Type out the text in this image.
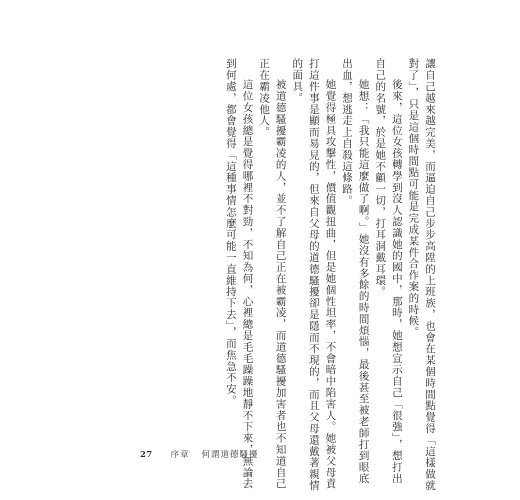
讓自己越來越完美，而逼迫自己步步高陞的上班族，也會在某個時間點覺得「這樣做就

對了」，只是這個時間點可能是完成某件合作案的時候。

後來，這位女孩轉學到沒人認識她的國中，那時，她想宣示自己「很強」，想打出

自己的名號，於是她不顧一切，打耳洞戴耳環。

她想：「我只能這麼做了啊。」她沒有多餘的時間煩惱，最後甚至被老師打到眼底

出血，想逃走上自殺這條路。

她覺得極具攻擊性，價值觀扭曲，但是她個性坦率，不會暗中陷害人。她被父母責

打這件事是顯而易見的，但來自父母的道德騷擾卻是隱而不現的，而且父母還戴著親情

的面具。

被道德騷擾霸凌的人，並不了解自己正在被霸凌，而道德騷擾加害者也不知道自己

正在霸凌他人。

這位女孩總是覺得哪裡不對勁，不知為何，心裡總是毛毛躁躁地靜不下來，無論去

到何處，都會覺得「這種事情怎麼可能一直維持下去」，而焦急不安。

27 序章 何謂道德騷擾
